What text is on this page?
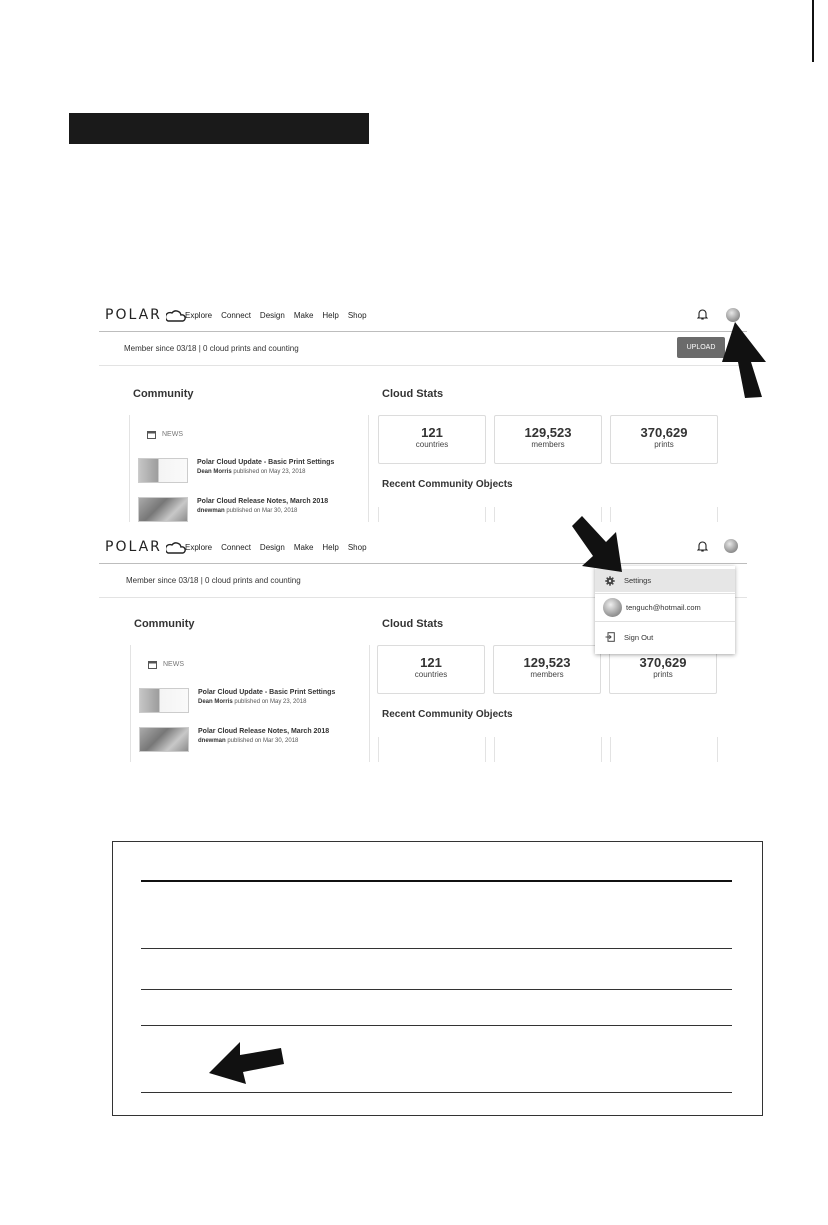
POLAR	Explore Connect Design Make Help Shop
Member since 03/18 | 0 cloud prints and counting	UPLOAD
Community	Cloud Stats
NEWS
Polar Cloud Update - Basic Print Settings
Dean Morris published on May 23, 2018
Polar Cloud Release Notes, March 2018
dnewman published on Mar 30, 2018
121
countries
129,523
members
370,629
prints
Recent Community Objects
POLAR	Explore Connect Design Make Help Shop
Member since 03/18 | 0 cloud prints and counting
Community	Cloud Stats
NEWS
Polar Cloud Update - Basic Print Settings
Dean Morris published on May 23, 2018
Polar Cloud Release Notes, March 2018
dnewman published on Mar 30, 2018
121
countries
129,523
members
370,629
prints
Recent Community Objects
Settings
tenguch@hotmail.com
Sign Out
